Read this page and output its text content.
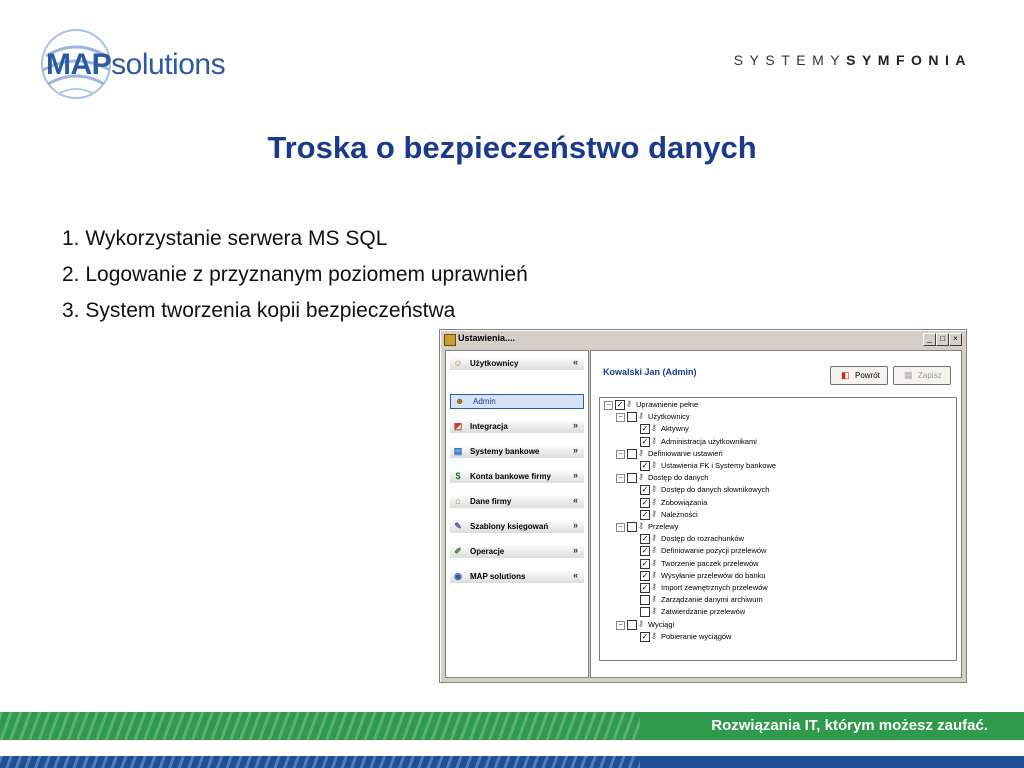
MAPsolutions	SYSTEMYSYMFONIA
Troska o bezpieczeństwo danych
1. Wykorzystanie serwera MS SQL
2. Logowanie z przyznanym poziomem uprawnień
3. System tworzenia kopii bezpieczeństwa
Ustawienia....	_	□	×
☺ Użytkownicy	«
☻ Admin
◩ Integracja	»
▤ Systemy bankowe	»
$	Konta bankowe firmy »
⌂ Dane firmy	«
✎ Szablony księgowań	»
✐ Operacje	»
◉ MAP solutions	«
Kowalski Jan (Admin)	◧ Powrót	▦ Zapisz
− ✓ ⚷ Uprawnienie pełne
−	⚷ Użytkownicy
✓ ⚷ Aktywny
✓ ⚷ Administracja użytkownikami
−	⚷ Definiowanie ustawień
✓ ⚷ Ustawienia FK i Systemy bankowe
−	⚷ Dostęp do danych
✓ ⚷ Dostęp do danych słownikowych
✓ ⚷ Zobowiązania
✓ ⚷ Należności
−	⚷ Przelewy
✓ ⚷ Dostęp do rozrachunków
✓ ⚷ Definiowanie pozycji przelewów
✓ ⚷ Tworzenie paczek przelewów
✓ ⚷ Wysyłanie przelewów do banku
✓ ⚷ Import zewnętrznych przelewów
⚷ Zarządzanie danymi archiwum
⚷ Zatwierdzanie przelewów
−	⚷ Wyciągi
✓ ⚷ Pobieranie wyciągów
Rozwiązania IT, którym możesz zaufać.
